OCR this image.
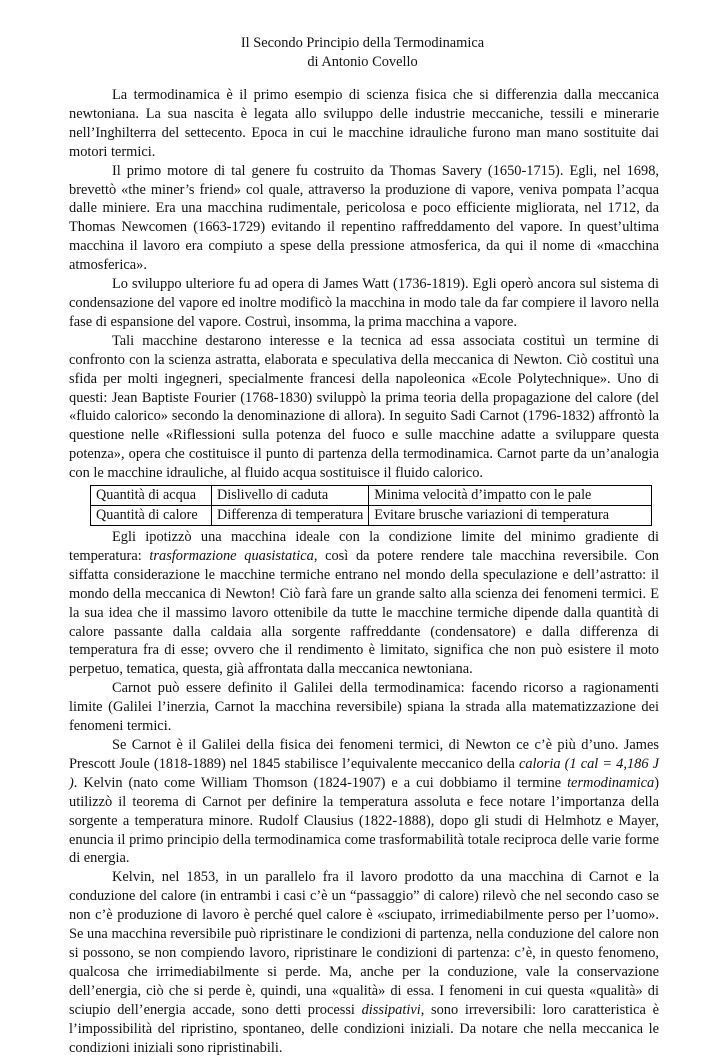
Il Secondo Principio della Termodinamica
di Antonio Covello

La termodinamica è il primo esempio di scienza fisica che si differenzia dalla meccanica newtoniana. La sua nascita è legata allo sviluppo delle industrie meccaniche, tessili e minerarie nell’Inghilterra del settecento. Epoca in cui le macchine idrauliche furono man mano sostituite dai motori termici.

Il primo motore di tal genere fu costruito da Thomas Savery (1650-1715). Egli, nel 1698, brevettò «the miner’s friend» col quale, attraverso la produzione di vapore, veniva pompata l’acqua dalle miniere. Era una macchina rudimentale, pericolosa e poco efficiente migliorata, nel 1712, da Thomas Newcomen (1663-1729) evitando il repentino raffreddamento del vapore. In quest’ultima macchina il lavoro era compiuto a spese della pressione atmosferica, da qui il nome di «macchina atmosferica».

Lo sviluppo ulteriore fu ad opera di James Watt (1736-1819). Egli operò ancora sul sistema di condensazione del vapore ed inoltre modificò la macchina in modo tale da far compiere il lavoro nella fase di espansione del vapore. Costruì, insomma, la prima macchina a vapore.

Tali macchine destarono interesse e la tecnica ad essa associata costituì un termine di confronto con la scienza astratta, elaborata e speculativa della meccanica di Newton. Ciò costituì una sfida per molti ingegneri, specialmente francesi della napoleonica «Ecole Polytechnique». Uno di questi: Jean Baptiste Fourier (1768-1830) sviluppò la prima teoria della propagazione del calore (del «fluido calorico» secondo la denominazione di allora). In seguito Sadi Carnot (1796-1832) affrontò la questione nelle «Riflessioni sulla potenza del fuoco e sulle macchine adatte a sviluppare questa potenza», opera che costituisce il punto di partenza della termodinamica. Carnot parte da un’analogia con le macchine idrauliche, al fluido acqua sostituisce il fluido calorico.

Quantità di acqua	Dislivello di caduta	Minima velocità d’impatto con le pale
Quantità di calore	Differenza di temperatura	Evitare brusche variazioni di temperatura

Egli ipotizzò una macchina ideale con la condizione limite del minimo gradiente di temperatura: trasformazione quasistatica, così da potere rendere tale macchina reversibile. Con siffatta considerazione le macchine termiche entrano nel mondo della speculazione e dell’astratto: il mondo della meccanica di Newton! Ciò farà fare un grande salto alla scienza dei fenomeni termici. E la sua idea che il massimo lavoro ottenibile da tutte le macchine termiche dipende dalla quantità di calore passante dalla caldaia alla sorgente raffreddante (condensatore) e dalla differenza di temperatura fra di esse; ovvero che il rendimento è limitato, significa che non può esistere il moto perpetuo, tematica, questa, già affrontata dalla meccanica newtoniana.

Carnot può essere definito il Galilei della termodinamica: facendo ricorso a ragionamenti limite (Galilei l’inerzia, Carnot la macchina reversibile) spiana la strada alla matematizzazione dei fenomeni termici.

Se Carnot è il Galilei della fisica dei fenomeni termici, di Newton ce c’è più d’uno. James Prescott Joule (1818-1889) nel 1845 stabilisce l’equivalente meccanico della caloria (1 cal = 4,186 J ). Kelvin (nato come William Thomson (1824-1907) e a cui dobbiamo il termine termodinamica) utilizzò il teorema di Carnot per definire la temperatura assoluta e fece notare l’importanza della sorgente a temperatura minore. Rudolf Clausius (1822-1888), dopo gli studi di Helmhotz e Mayer, enuncia il primo principio della termodinamica come trasformabilità totale reciproca delle varie forme di energia.

Kelvin, nel 1853, in un parallelo fra il lavoro prodotto da una macchina di Carnot e la conduzione del calore (in entrambi i casi c’è un “passaggio” di calore) rilevò che nel secondo caso se non c’è produzione di lavoro è perché quel calore è «sciupato, irrimediabilmente perso per l’uomo». Se una macchina reversibile può ripristinare le condizioni di partenza, nella conduzione del calore non si possono, se non compiendo lavoro, ripristinare le condizioni di partenza: c’è, in questo fenomeno, qualcosa che irrimediabilmente si perde. Ma, anche per la conduzione, vale la conservazione dell’energia, ciò che si perde è, quindi, una «qualità» di essa. I fenomeni in cui questa «qualità» di sciupio dell’energia accade, sono detti processi dissipativi, sono irreversibili: loro caratteristica è l’impossibilità del ripristino, spontaneo, delle condizioni iniziali. Da notare che nella meccanica le condizioni iniziali sono ripristinabili.
